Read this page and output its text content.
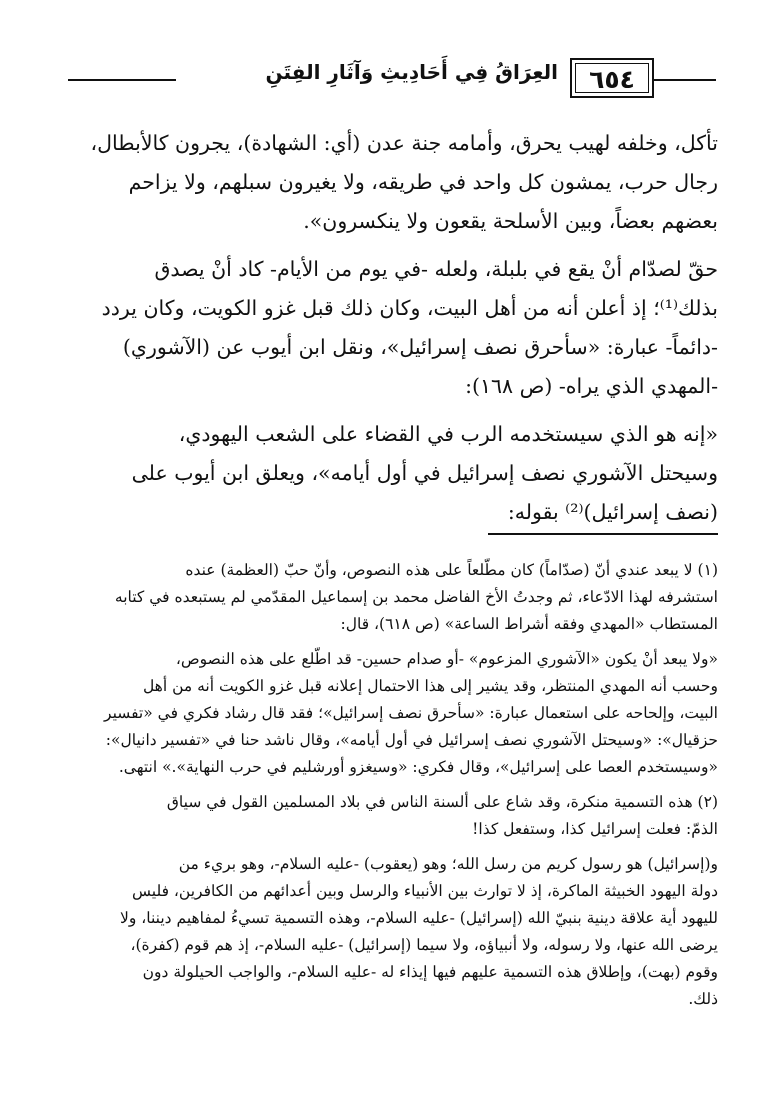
٦٥٤
العِرَاقُ فِي أَحَادِيثِ وَآثَارِ الفِتَنِ
تأكل، وخلفه لهيب يحرق، وأمامه جنة عدن (أي: الشهادة)، يجرون كالأبطال،
رجال حرب، يمشون كل واحد في طريقه، ولا يغيرون سبلهم، ولا يزاحم
بعضهم بعضاً، وبين الأسلحة يقعون ولا ينكسرون».
حقّ لصدّام أنْ يقع في بلبلة، ولعله -في يوم من الأيام- كاد أنْ يصدق
بذلك⁽¹⁾؛ إذ أعلن أنه من أهل البيت، وكان ذلك قبل غزو الكويت، وكان يردد
-دائماً- عبارة: «سأحرق نصف إسرائيل»، ونقل ابن أيوب عن (الآشوري)
-المهدي الذي يراه- (ص ١٦٨):
«إنه هو الذي سيستخدمه الرب في القضاء على الشعب اليهودي،
وسيحتل الآشوري نصف إسرائيل في أول أيامه»، ويعلق ابن أيوب على
(نصف إسرائيل)⁽²⁾ بقوله:
(١) لا يبعد عندي أنّ (صدّاماً) كان مطّلعاً على هذه النصوص، وأنّ حبّ (العظمة) عنده
استشرفه لهذا الادّعاء، ثم وجدتُ الأخ الفاضل محمد بن إسماعيل المقدّمي لم يستبعده في كتابه
المستطاب «المهدي وفقه أشراط الساعة» (ص ٦١٨)، قال:
«ولا يبعد أنْ يكون «الآشوري المزعوم» -أو صدام حسين- قد اطّلع على هذه النصوص،
وحسب أنه المهدي المنتظر، وقد يشير إلى هذا الاحتمال إعلانه قبل غزو الكويت أنه من أهل
البيت، وإلحاحه على استعمال عبارة: «سأحرق نصف إسرائيل»؛ فقد قال رشاد فكري في «تفسير
حزقيال»: «وسيحتل الآشوري نصف إسرائيل في أول أيامه»، وقال ناشد حنا في «تفسير دانيال»:
«وسيستخدم العصا على إسرائيل»، وقال فكري: «وسيغزو أورشليم في حرب النهاية».» انتهى.
(٢) هذه التسمية منكرة، وقد شاع على ألسنة الناس في بلاد المسلمين القول في سياق
الذمّ: فعلت إسرائيل كذا، وستفعل كذا!
و(إسرائيل) هو رسول كريم من رسل الله؛ وهو (يعقوب) -عليه السلام-، وهو بريء من
دولة اليهود الخبيثة الماكرة، إذ لا توارث بين الأنبياء والرسل وبين أعدائهم من الكافرين، فليس
لليهود أية علاقة دينية بنبيّ الله (إسرائيل) -عليه السلام-، وهذه التسمية تسيءُ لمفاهيم ديننا، ولا
يرضى الله عنها، ولا رسوله، ولا أنبياؤه، ولا سيما (إسرائيل) -عليه السلام-، إذ هم قوم (كفرة)،
وقوم (بهت)، وإطلاق هذه التسمية عليهم فيها إيذاء له -عليه السلام-، والواجب الحيلولة دون
ذلك.
